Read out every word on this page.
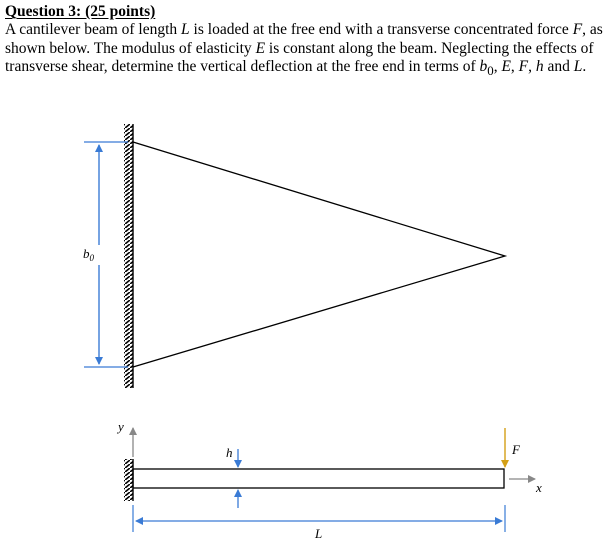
Question 3: (25 points)
A cantilever beam of length L is loaded at the free end with a transverse concentrated force F, as shown below. The modulus of elasticity E is constant along the beam. Neglecting the effects of transverse shear, determine the vertical deflection at the free end in terms of $b_0$, E, F, h and L.
$b_0$
y
h	F
x
L
